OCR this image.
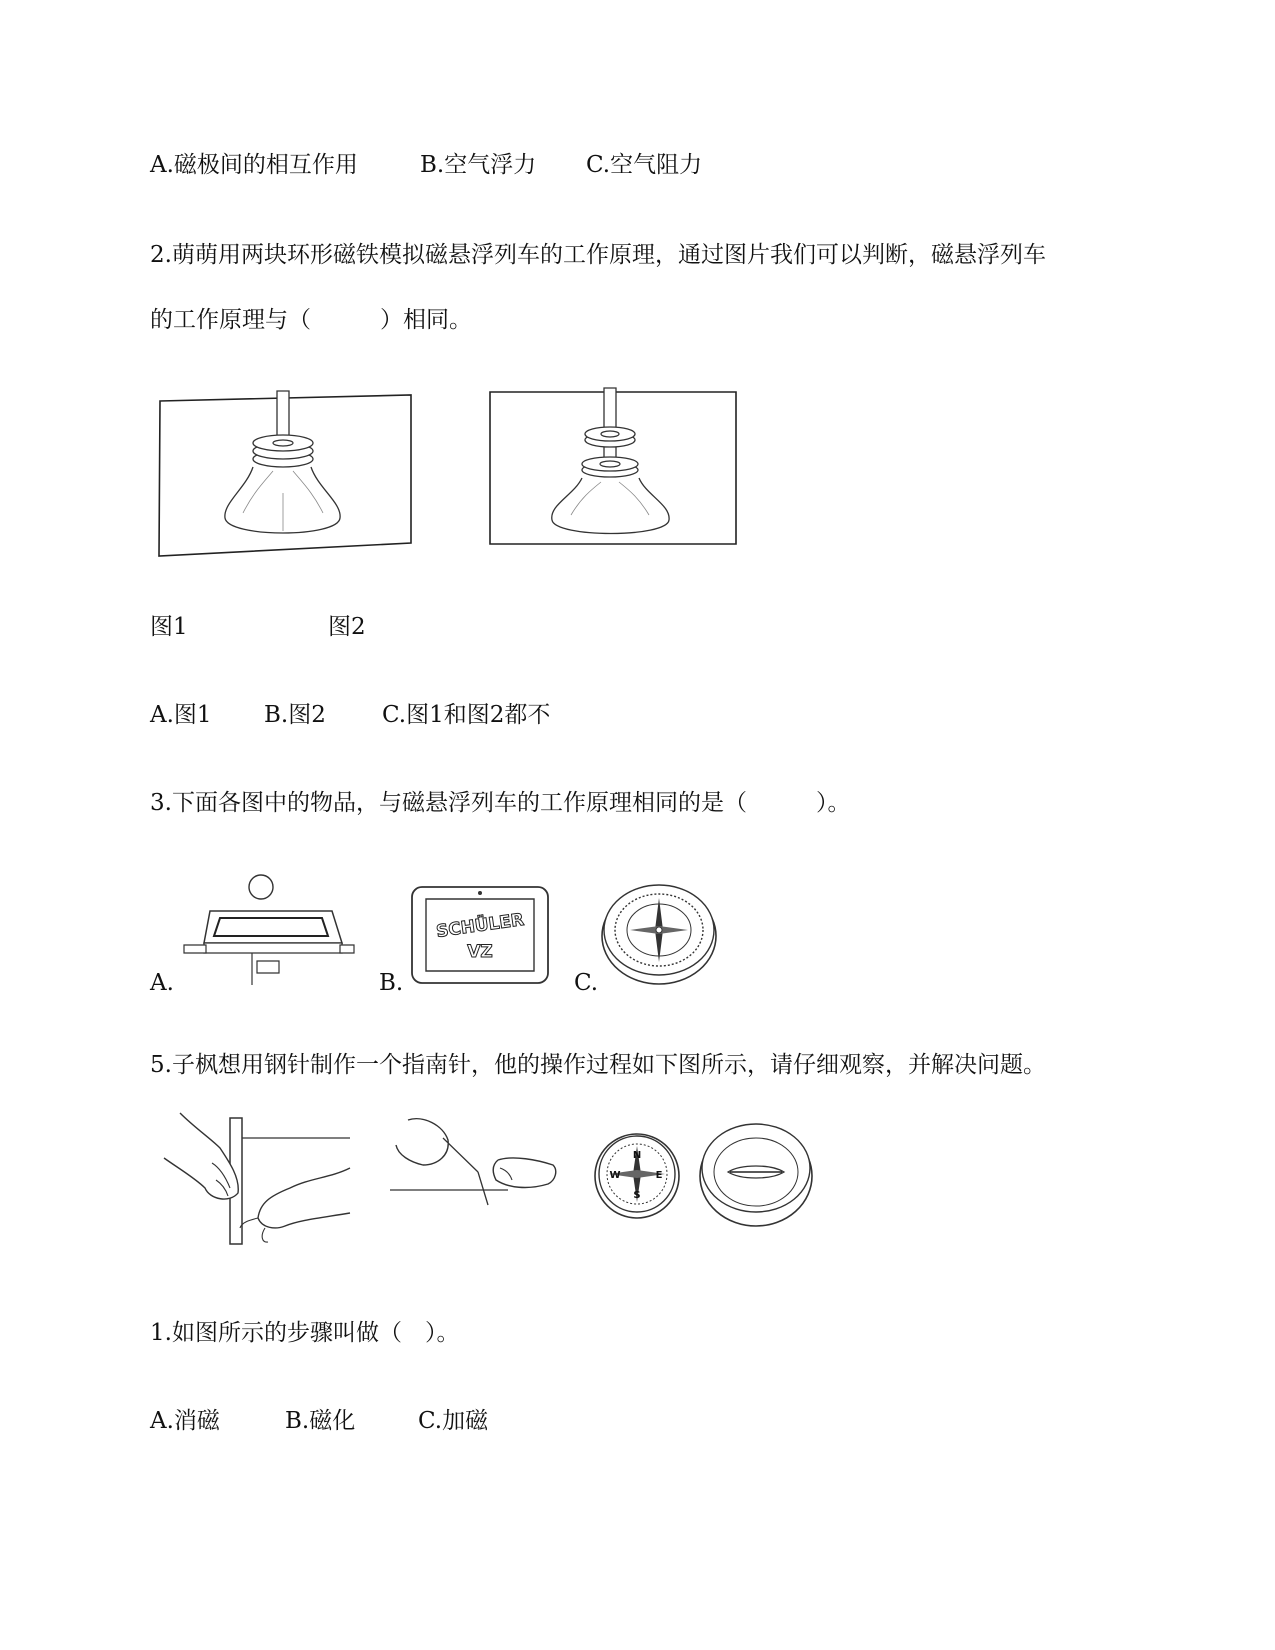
A.磁极间的相互作用	B.空气浮力 C.空气阻力
2.萌萌用两块环形磁铁模拟磁悬浮列车的工作原理，通过图片我们可以判断，磁悬浮列车
的工作原理与（　　　）相同。
图1	图2
A.图1 B.图2 C.图1和图2都不
3.下面各图中的物品，与磁悬浮列车的工作原理相同的是（　　　）。
A.	B.
SCHÜLER
VZ
C.
5.子枫想用钢针制作一个指南针，他的操作过程如下图所示，请仔细观察，并解决问题。
N
S
E
W
1.如图所示的步骤叫做（　）。
A.消磁	B.磁化	C.加磁
